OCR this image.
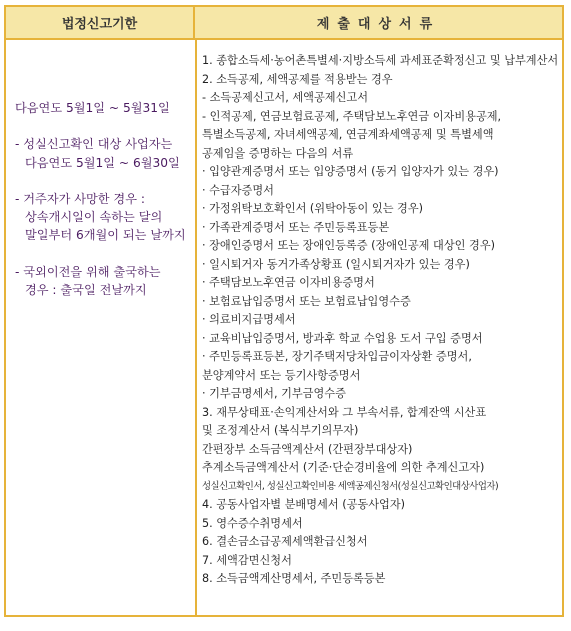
법정신고기한	제출대상서류
다음연도 5월1일 ~ 5월31일
- 성실신고확인 대상 사업자는
다음연도 5월1일 ~ 6월30일
- 거주자가 사망한 경우 :
상속개시일이 속하는 달의
말일부터 6개월이 되는 날까지
- 국외이전을 위해 출국하는
경우 : 출국일 전날까지
1. 종합소득세·농어촌특별세·지방소득세 과세표준확정신고 및 납부계산서
2. 소득공제, 세액공제를 적용받는 경우
- 소득공제신고서, 세액공제신고서
- 인적공제, 연금보험료공제, 주택담보노후연금 이자비용공제,
특별소득공제, 자녀세액공제, 연금계좌세액공제 및 특별세액
공제임을 증명하는 다음의 서류
· 입양관계증명서 또는 입양증명서 (동거 입양자가 있는 경우)
· 수급자증명서
· 가정위탁보호확인서 (위탁아동이 있는 경우)
· 가족관계증명서 또는 주민등록표등본
· 장애인증명서 또는 장애인등록증 (장애인공제 대상인 경우)
· 일시퇴거자 동거가족상황표 (일시퇴거자가 있는 경우)
· 주택담보노후연금 이자비용증명서
· 보험료납입증명서 또는 보험료납입영수증
· 의료비지급명세서
· 교육비납입증명서, 방과후 학교 수업용 도서 구입 증명서
· 주민등록표등본, 장기주택저당차입금이자상환 증명서,
분양계약서 또는 등기사항증명서
· 기부금명세서, 기부금영수증
3. 재무상태표·손익계산서와 그 부속서류, 합계잔액 시산표
및 조정계산서 (복식부기의무자)
간편장부 소득금액계산서 (간편장부대상자)
추계소득금액계산서 (기준·단순경비율에 의한 추계신고자)
성실신고확인서, 성실신고확인비용 세액공제신청서(성실신고확인대상사업자)
4. 공동사업자별 분배명세서 (공동사업자)
5. 영수증수취명세서
6. 결손금소급공제세액환급신청서
7. 세액감면신청서
8. 소득금액계산명세서, 주민등록등본
